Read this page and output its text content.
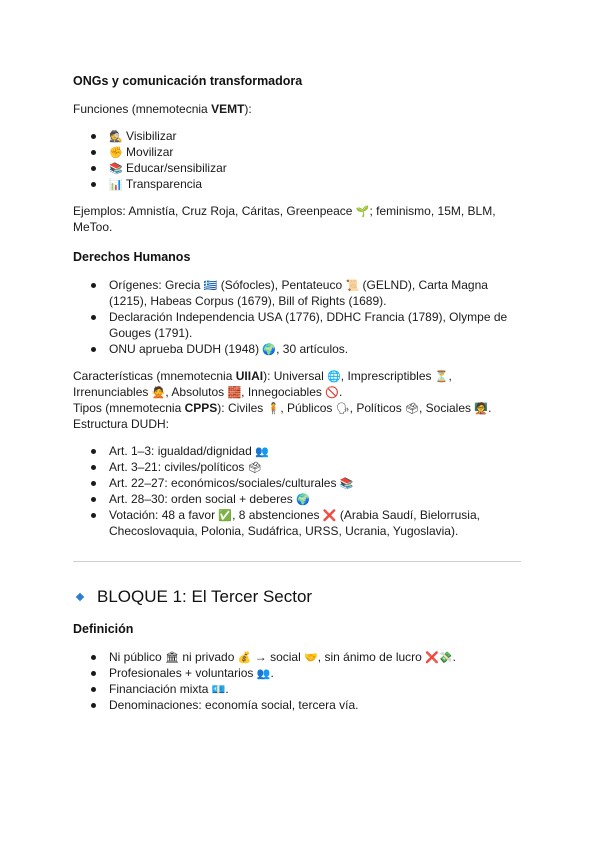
ONGs y comunicación transformadora

Funciones (mnemotecnia VEMT):

🕵 Visibilizar
✊ Movilizar
📚 Educar/sensibilizar
📊 Transparencia

Ejemplos: Amnistía, Cruz Roja, Cáritas, Greenpeace 🌱; feminismo, 15M, BLM,
MeToo.

Derechos Humanos
Orígenes: Grecia 🇬🇷 (Sófocles), Pentateuco 📜 (GELND), Carta Magna
(1215), Habeas Corpus (1679), Bill of Rights (1689).
Declaración Independencia USA (1776), DDHC Francia (1789), Olympe de
Gouges (1791).
ONU aprueba DUDH (1948) 🌍, 30 artículos.

Características (mnemotecnia UIIAI): Universal 🌐, Imprescriptibles ⏳,
Irrenunciables 🙅, Absolutos 🧱, Innegociables 🚫.
Tipos (mnemotecnia CPPS): Civiles 🧍, Públicos 🗣, Políticos 🗳, Sociales 🧑‍🏫.
Estructura DUDH:

Art. 1–3: igualdad/dignidad 👥
Art. 3–21: civiles/políticos 🗳
Art. 22–27: económicos/sociales/culturales 📚
Art. 28–30: orden social + deberes 🌍
Votación: 48 a favor ✅, 8 abstenciones ❌ (Arabia Saudí, Bielorrusia,
Checoslovaquia, Polonia, Sudáfrica, URSS, Ucrania, Yugoslavia).
BLOQUE 1: El Tercer Sector
Definición
Ni público 🏛 ni privado 💰 → social 🤝, sin ánimo de lucro ❌💸.
Profesionales + voluntarios 👥.
Financiación mixta 💶.
Denominaciones: economía social, tercera vía.
